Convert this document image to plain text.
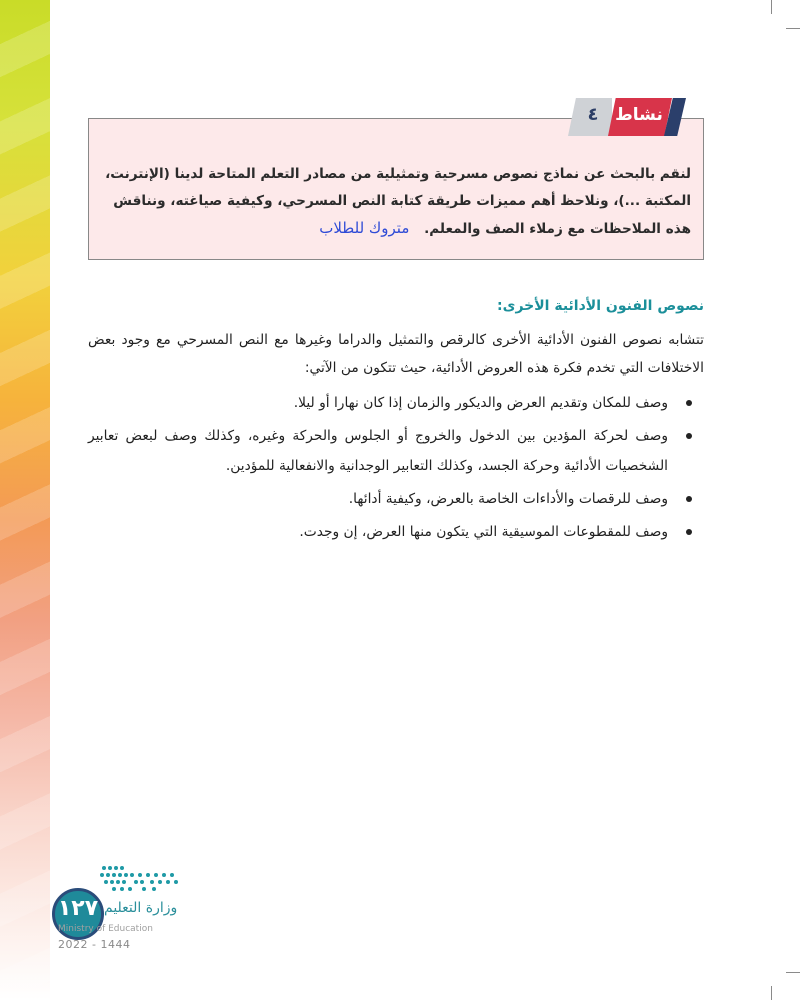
لنقم بالبحث عن نماذج نصوص مسرحية وتمثيلية من مصادر التعلم المتاحة لدينا (الإنترنت، المكتبة ...)، ونلاحظ أهم مميزات طريقة كتابة النص المسرحي، وكيفية صياغته، ونناقش هذه الملاحظات مع زملاء الصف والمعلم. متروك للطلاب
٤ نشاط
نصوص الفنون الأدائية الأخرى:
تتشابه نصوص الفنون الأدائية الأخرى كالرقص والتمثيل والدراما وغيرها مع النص المسرحي مع وجود بعض الاختلافات التي تخدم فكرة هذه العروض الأدائية، حيث تتكون من الآتي:
وصف للمكان وتقديم العرض والديكور والزمان إذا كان نهارا أو ليلا.
وصف لحركة المؤدين بين الدخول والخروج أو الجلوس والحركة وغيره، وكذلك وصف لبعض تعابير الشخصيات الأدائية وحركة الجسد، وكذلك التعابير الوجدانية والانفعالية للمؤدين.
وصف للرقصات والأداءات الخاصة بالعرض، وكيفية أدائها.
وصف للمقطوعات الموسيقية التي يتكون منها العرض، إن وجدت.
١٢٧ وزارة التعليم
Ministry of Education
2022 - 1444
